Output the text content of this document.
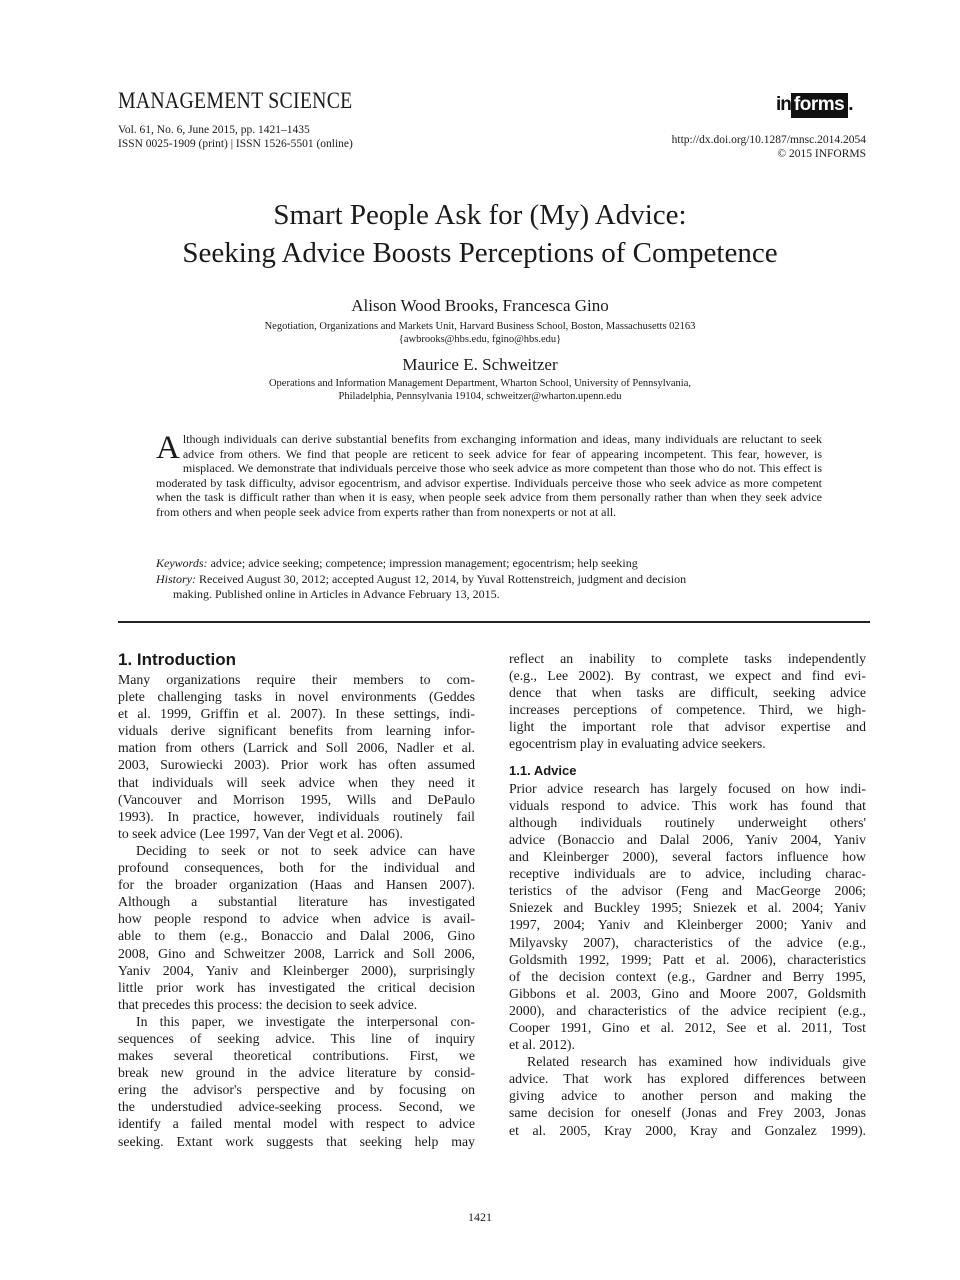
MANAGEMENT SCIENCE
Vol. 61, No. 6, June 2015, pp. 1421–1435
ISSN 0025-1909 (print) | ISSN 1526-5501 (online)
in forms .
http://dx.doi.org/10.1287/mnsc.2014.2054
© 2015 INFORMS
Smart People Ask for (My) Advice:
Seeking Advice Boosts Perceptions of Competence
Alison Wood Brooks, Francesca Gino
Negotiation, Organizations and Markets Unit, Harvard Business School, Boston, Massachusetts 02163
{awbrooks@hbs.edu, fgino@hbs.edu}
Maurice E. Schweitzer
Operations and Information Management Department, Wharton School, University of Pennsylvania,
Philadelphia, Pennsylvania 19104, schweitzer@wharton.upenn.edu
Although individuals can derive substantial benefits from exchanging information and ideas, many individuals are reluctant to seek advice from others. We find that people are reticent to seek advice for fear of appearing incompetent. This fear, however, is misplaced. We demonstrate that individuals perceive those who seek advice as more competent than those who do not. This effect is moderated by task difficulty, advisor egocentrism, and advisor expertise. Individuals perceive those who seek advice as more competent when the task is difficult rather than when it is easy, when people seek advice from them personally rather than when they seek advice from others and when people seek advice from experts rather than from nonexperts or not at all.
Keywords: advice; advice seeking; competence; impression management; egocentrism; help seeking
History: Received August 30, 2012; accepted August 12, 2014, by Yuval Rottenstreich, judgment and decision
making. Published online in Articles in Advance February 13, 2015.
1. Introduction
Many organizations require their members to com-
plete challenging tasks in novel environments (Geddes
et al. 1999, Griffin et al. 2007). In these settings, indi-
viduals derive significant benefits from learning infor-
mation from others (Larrick and Soll 2006, Nadler et al.
2003, Surowiecki 2003). Prior work has often assumed
that individuals will seek advice when they need it
(Vancouver and Morrison 1995, Wills and DePaulo
1993). In practice, however, individuals routinely fail
to seek advice (Lee 1997, Van der Vegt et al. 2006).
Deciding to seek or not to seek advice can have
profound consequences, both for the individual and
for the broader organization (Haas and Hansen 2007).
Although a substantial literature has investigated
how people respond to advice when advice is avail-
able to them (e.g., Bonaccio and Dalal 2006, Gino
2008, Gino and Schweitzer 2008, Larrick and Soll 2006,
Yaniv 2004, Yaniv and Kleinberger 2000), surprisingly
little prior work has investigated the critical decision
that precedes this process: the decision to seek advice.
In this paper, we investigate the interpersonal con-
sequences of seeking advice. This line of inquiry
makes several theoretical contributions. First, we
break new ground in the advice literature by consid-
ering the advisor's perspective and by focusing on
the understudied advice-seeking process. Second, we
identify a failed mental model with respect to advice
seeking. Extant work suggests that seeking help may
reflect an inability to complete tasks independently
(e.g., Lee 2002). By contrast, we expect and find evi-
dence that when tasks are difficult, seeking advice
increases perceptions of competence. Third, we high-
light the important role that advisor expertise and
egocentrism play in evaluating advice seekers.
1.1. Advice
Prior advice research has largely focused on how indi-
viduals respond to advice. This work has found that
although individuals routinely underweight others'
advice (Bonaccio and Dalal 2006, Yaniv 2004, Yaniv
and Kleinberger 2000), several factors influence how
receptive individuals are to advice, including charac-
teristics of the advisor (Feng and MacGeorge 2006;
Sniezek and Buckley 1995; Sniezek et al. 2004; Yaniv
1997, 2004; Yaniv and Kleinberger 2000; Yaniv and
Milyavsky 2007), characteristics of the advice (e.g.,
Goldsmith 1992, 1999; Patt et al. 2006), characteristics
of the decision context (e.g., Gardner and Berry 1995,
Gibbons et al. 2003, Gino and Moore 2007, Goldsmith
2000), and characteristics of the advice recipient (e.g.,
Cooper 1991, Gino et al. 2012, See et al. 2011, Tost
et al. 2012).
Related research has examined how individuals give
advice. That work has explored differences between
giving advice to another person and making the
same decision for oneself (Jonas and Frey 2003, Jonas
et al. 2005, Kray 2000, Kray and Gonzalez 1999).
1421
